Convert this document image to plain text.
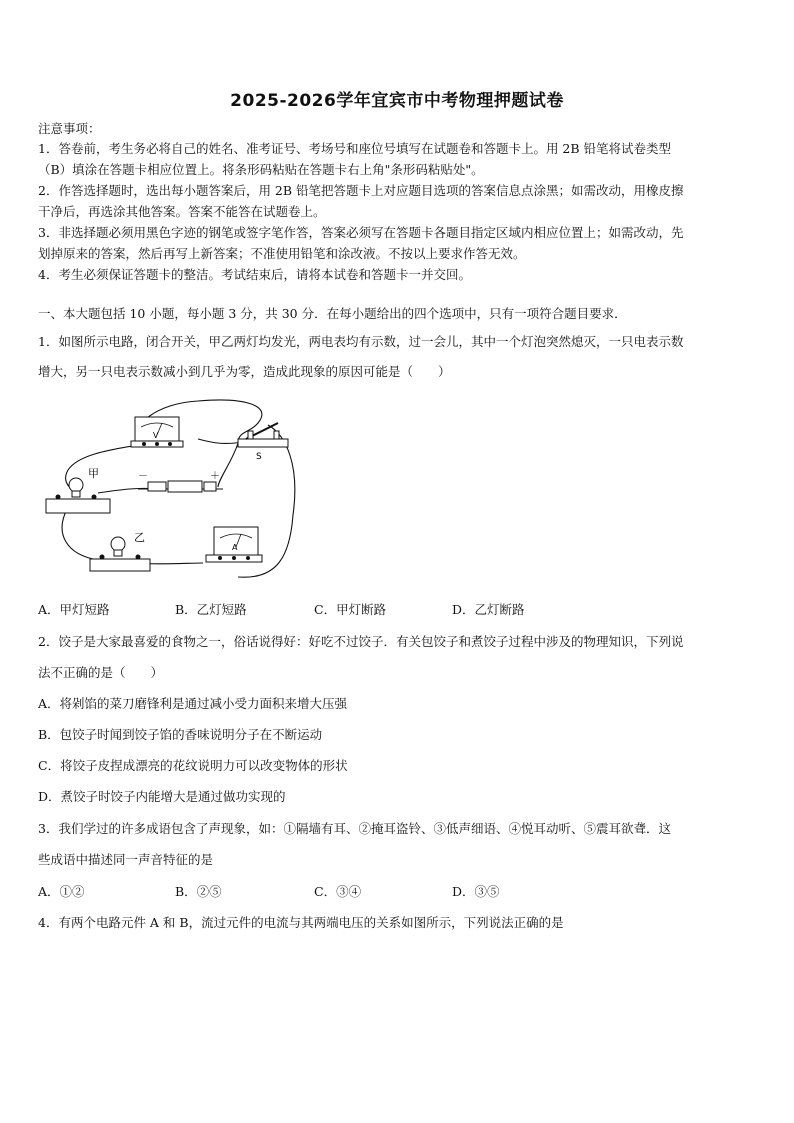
2025-2026学年宜宾市中考物理押题试卷
注意事项：
1．答卷前，考生务必将自己的姓名、准考证号、考场号和座位号填写在试题卷和答题卡上。用 2B 铅笔将试卷类型
（B）填涂在答题卡相应位置上。将条形码粘贴在答题卡右上角"条形码粘贴处"。
2．作答选择题时，选出每小题答案后，用 2B 铅笔把答题卡上对应题目选项的答案信息点涂黑；如需改动，用橡皮擦
干净后，再选涂其他答案。答案不能答在试题卷上。
3．非选择题必须用黑色字迹的钢笔或签字笔作答，答案必须写在答题卡各题目指定区域内相应位置上；如需改动，先
划掉原来的答案，然后再写上新答案；不准使用铅笔和涂改液。不按以上要求作答无效。
4．考生必须保证答题卡的整洁。考试结束后，请将本试卷和答题卡一并交回。
一、本大题包括 10 小题，每小题 3 分，共 30 分．在每小题给出的四个选项中，只有一项符合题目要求．
1．如图所示电路，闭合开关，甲乙两灯均发光，两电表均有示数，过一会儿，其中一个灯泡突然熄灭，一只电表示数
增大，另一只电表示数减小到几乎为零，造成此现象的原因可能是（　　）
V
S
－	＋
甲
乙
A
A．甲灯短路	B．乙灯短路	C．甲灯断路	D．乙灯断路
2．饺子是大家最喜爱的食物之一，俗话说得好：好吃不过饺子．有关包饺子和煮饺子过程中涉及的物理知识，下列说
法不正确的是（　　）
A．将剁馅的菜刀磨锋利是通过减小受力面积来增大压强
B．包饺子时闻到饺子馅的香味说明分子在不断运动
C．将饺子皮捏成漂亮的花纹说明力可以改变物体的形状
D．煮饺子时饺子内能增大是通过做功实现的
3．我们学过的许多成语包含了声现象，如：①隔墙有耳、②掩耳盗铃、③低声细语、④悦耳动听、⑤震耳欲聋．这
些成语中描述同一声音特征的是
A．①②	B．②⑤	C．③④	D．③⑤
4．有两个电路元件 A 和 B，流过元件的电流与其两端电压的关系如图所示，下列说法正确的是
